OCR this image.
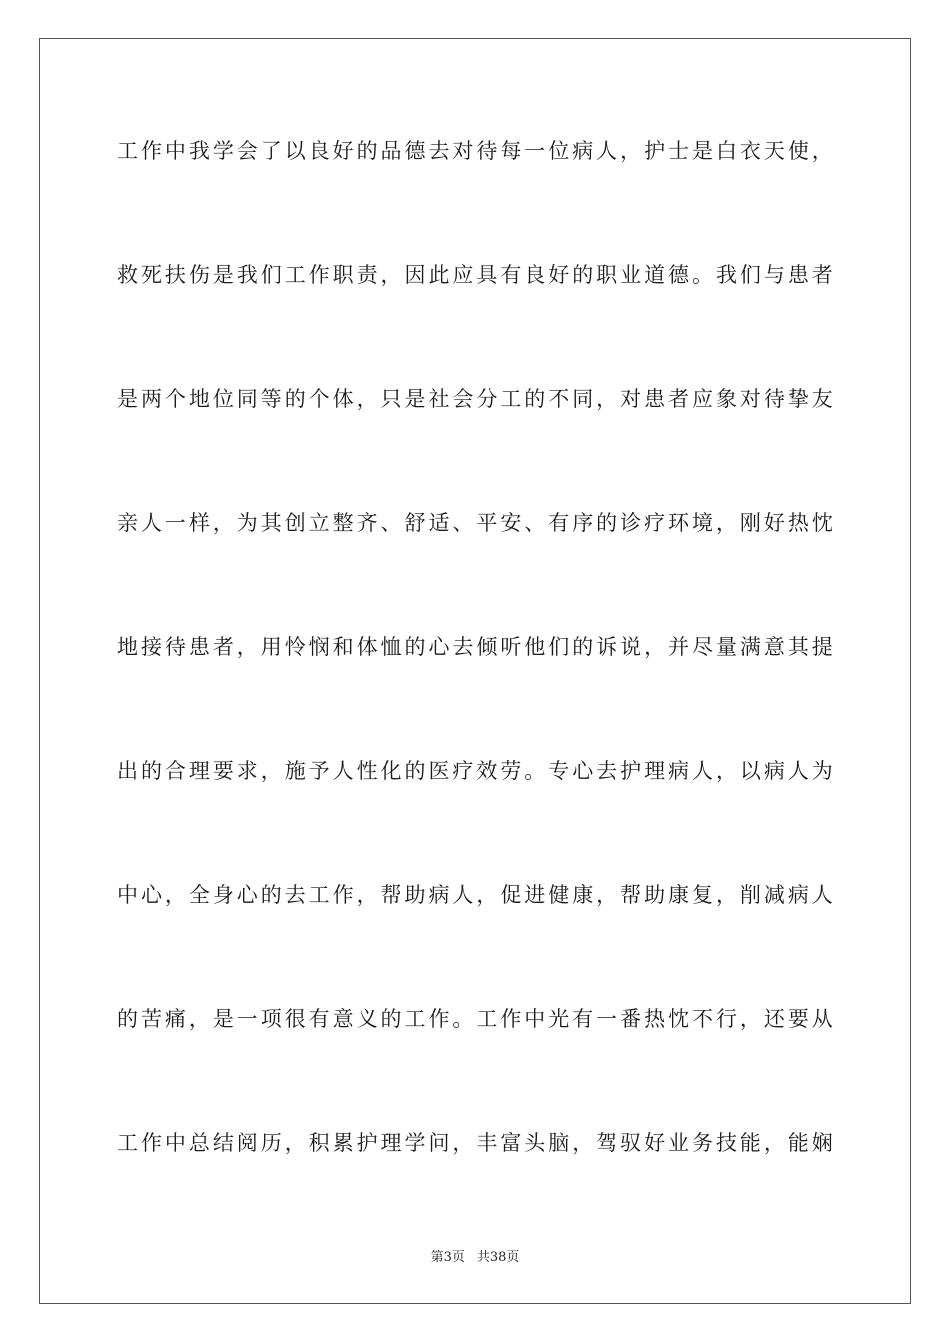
工作中我学会了以良好的品德去对待每一位病人，护士是白衣天使，
救死扶伤是我们工作职责，因此应具有良好的职业道德。我们与患者
是两个地位同等的个体，只是社会分工的不同，对患者应象对待挚友
亲人一样，为其创立整齐、舒适、平安、有序的诊疗环境，刚好热忱
地接待患者，用怜悯和体恤的心去倾听他们的诉说，并尽量满意其提
出的合理要求，施予人性化的医疗效劳。专心去护理病人，以病人为
中心，全身心的去工作，帮助病人，促进健康，帮助康复，削减病人
的苦痛，是一项很有意义的工作。工作中光有一番热忱不行，还要从
工作中总结阅历，积累护理学问，丰富头脑，驾驭好业务技能，能娴
第3页 共38页
